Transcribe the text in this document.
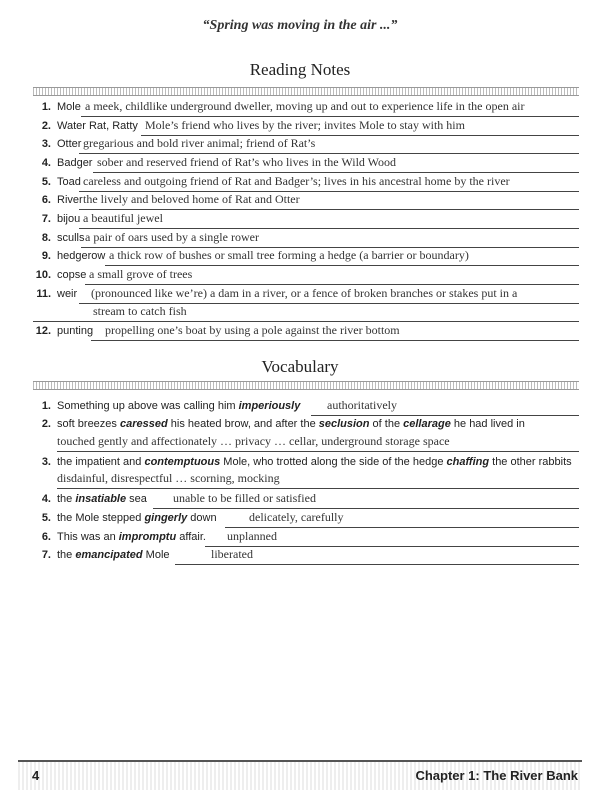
“Spring was moving in the air ...”
Reading Notes
1. Mole a meek, childlike underground dweller, moving up and out to experience life in the open air
2. Water Rat, Ratty Mole’s friend who lives by the river; invites Mole to stay with him
3. Otter gregarious and bold river animal; friend of Rat’s
4. Badger sober and reserved friend of Rat’s who lives in the Wild Wood
5. Toad careless and outgoing friend of Rat and Badger’s; lives in his ancestral home by the river
6. River the lively and beloved home of Rat and Otter
7. bijou a beautiful jewel
8. sculls a pair of oars used by a single rower
9. hedgerow a thick row of bushes or small tree forming a hedge (a barrier or boundary)
10. copse a small grove of trees
11. weir	(pronounced like we’re) a dam in a river, or a fence of broken branches or stakes put in a
stream to catch fish
12. punting propelling one’s boat by using a pole against the river bottom
Vocabulary
1. Something up above was calling him imperiously	authoritatively
2. soft breezes caressed his heated brow, and after the seclusion of the cellarage he had lived in
touched gently and affectionately … privacy … cellar, underground storage space
3. the impatient and contemptuous Mole, who trotted along the side of the hedge chaffing the other rabbits
disdainful, disrespectful … scorning, mocking
4. the insatiable sea	unable to be filled or satisfied
5. the Mole stepped gingerly down	delicately, carefully
6. This was an impromptu affair.	unplanned
7. the emancipated Mole	liberated
4	Chapter 1: The River Bank
